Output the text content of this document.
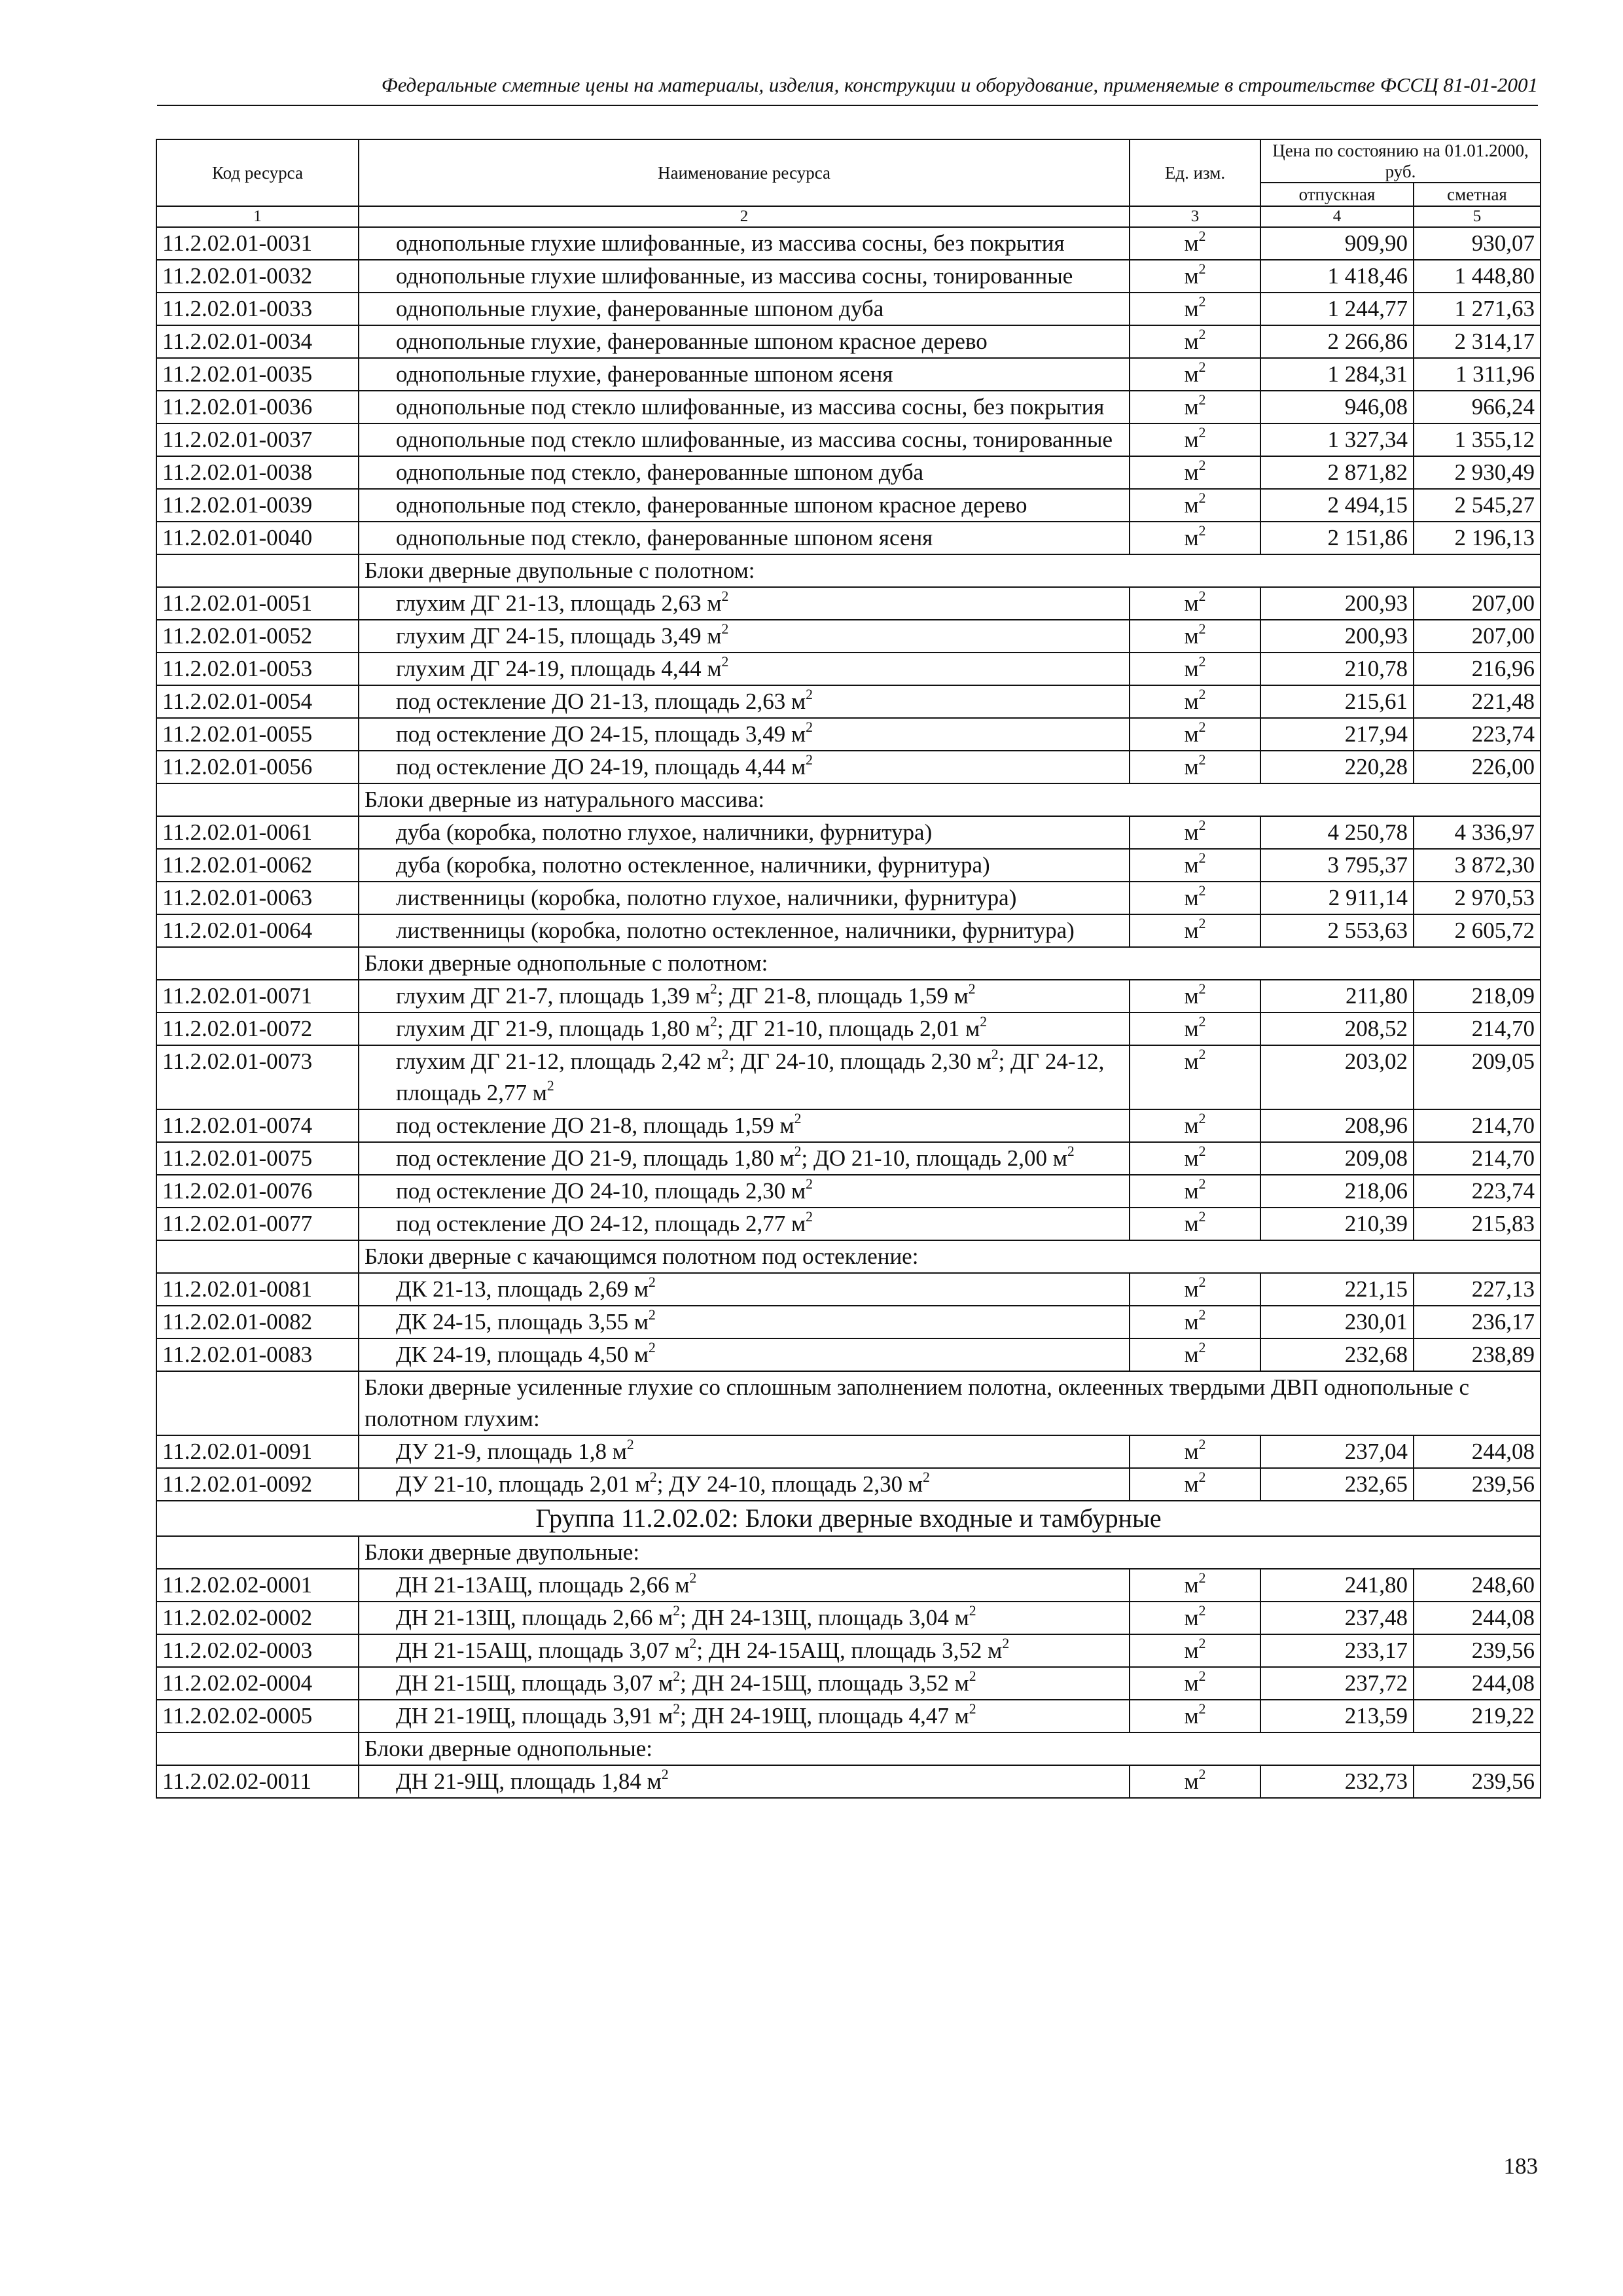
Федеральные сметные цены на материалы, изделия, конструкции и оборудование, применяемые в строительстве ФССЦ 81-01-2001
Код ресурса	Наименование ресурса	Ед. изм.	Цена по состоянию на 01.01.2000, руб.	
			отпускная	сметная
1	2	3	4	5
11.2.02.01-0031	однопольные глухие шлифованные, из массива сосны, без покрытия	$м^2$	909,90	930,07
11.2.02.01-0032	однопольные глухие шлифованные, из массива сосны, тонированные	$м^2$	1 418,46	1 448,80
11.2.02.01-0033	однопольные глухие, фанерованные шпоном дуба	$м^2$	1 244,77	1 271,63
11.2.02.01-0034	однопольные глухие, фанерованные шпоном красное дерево	$м^2$	2 266,86	2 314,17
11.2.02.01-0035	однопольные глухие, фанерованные шпоном ясеня	$м^2$	1 284,31	1 311,96
11.2.02.01-0036	однопольные под стекло шлифованные, из массива сосны, без покрытия	$м^2$	946,08	966,24
11.2.02.01-0037	однопольные под стекло шлифованные, из массива сосны, тонированные	$м^2$	1 327,34	1 355,12
11.2.02.01-0038	однопольные под стекло, фанерованные шпоном дуба	$м^2$	2 871,82	2 930,49
11.2.02.01-0039	однопольные под стекло, фанерованные шпоном красное дерево	$м^2$	2 494,15	2 545,27
11.2.02.01-0040	однопольные под стекло, фанерованные шпоном ясеня	$м^2$	2 151,86	2 196,13
	Блоки дверные двупольные с полотном:			
11.2.02.01-0051	глухим ДГ 21-13, площадь 2,63 $м^2$	$м^2$	200,93	207,00
11.2.02.01-0052	глухим ДГ 24-15, площадь 3,49 $м^2$	$м^2$	200,93	207,00
11.2.02.01-0053	глухим ДГ 24-19, площадь 4,44 $м^2$	$м^2$	210,78	216,96
11.2.02.01-0054	под остекление ДО 21-13, площадь 2,63 $м^2$	$м^2$	215,61	221,48
11.2.02.01-0055	под остекление ДО 24-15, площадь 3,49 $м^2$	$м^2$	217,94	223,74
11.2.02.01-0056	под остекление ДО 24-19, площадь 4,44 $м^2$	$м^2$	220,28	226,00
	Блоки дверные из натурального массива:			
11.2.02.01-0061	дуба (коробка, полотно глухое, наличники, фурнитура)	$м^2$	4 250,78	4 336,97
11.2.02.01-0062	дуба (коробка, полотно остекленное, наличники, фурнитура)	$м^2$	3 795,37	3 872,30
11.2.02.01-0063	лиственницы (коробка, полотно глухое, наличники, фурнитура)	$м^2$	2 911,14	2 970,53
11.2.02.01-0064	лиственницы (коробка, полотно остекленное, наличники, фурнитура)	$м^2$	2 553,63	2 605,72
	Блоки дверные однопольные с полотном:			
11.2.02.01-0071	глухим ДГ 21-7, площадь 1,39 $м^2$; ДГ 21-8, площадь 1,59 $м^2$	$м^2$	211,80	218,09
11.2.02.01-0072	глухим ДГ 21-9, площадь 1,80 $м^2$; ДГ 21-10, площадь 2,01 $м^2$	$м^2$	208,52	214,70
11.2.02.01-0073	глухим ДГ 21-12, площадь 2,42 $м^2$; ДГ 24-10, площадь 2,30 $м^2$; ДГ 24-12, площадь 2,77 $м^2$	$м^2$	203,02	209,05
11.2.02.01-0074	под остекление ДО 21-8, площадь 1,59 $м^2$	$м^2$	208,96	214,70
11.2.02.01-0075	под остекление ДО 21-9, площадь 1,80 $м^2$; ДО 21-10, площадь 2,00 $м^2$	$м^2$	209,08	214,70
11.2.02.01-0076	под остекление ДО 24-10, площадь 2,30 $м^2$	$м^2$	218,06	223,74
11.2.02.01-0077	под остекление ДО 24-12, площадь 2,77 $м^2$	$м^2$	210,39	215,83
	Блоки дверные с качающимся полотном под остекление:			
11.2.02.01-0081	ДК 21-13, площадь 2,69 $м^2$	$м^2$	221,15	227,13
11.2.02.01-0082	ДК 24-15, площадь 3,55 $м^2$	$м^2$	230,01	236,17
11.2.02.01-0083	ДК 24-19, площадь 4,50 $м^2$	$м^2$	232,68	238,89
	Блоки дверные усиленные глухие со сплошным заполнением полотна, оклеенных твердыми ДВП однопольные с полотном глухим:			
11.2.02.01-0091	ДУ 21-9, площадь 1,8 $м^2$	$м^2$	237,04	244,08
11.2.02.01-0092	ДУ 21-10, площадь 2,01 $м^2$; ДУ 24-10, площадь 2,30 $м^2$	$м^2$	232,65	239,56
Группа 11.2.02.02: Блоки дверные входные и тамбурные				
	Блоки дверные двупольные:			
11.2.02.02-0001	ДН 21-13АЩ, площадь 2,66 $м^2$	$м^2$	241,80	248,60
11.2.02.02-0002	ДН 21-13Щ, площадь 2,66 $м^2$; ДН 24-13Щ, площадь 3,04 $м^2$	$м^2$	237,48	244,08
11.2.02.02-0003	ДН 21-15АЩ, площадь 3,07 $м^2$; ДН 24-15АЩ, площадь 3,52 $м^2$	$м^2$	233,17	239,56
11.2.02.02-0004	ДН 21-15Щ, площадь 3,07 $м^2$; ДН 24-15Щ, площадь 3,52 $м^2$	$м^2$	237,72	244,08
11.2.02.02-0005	ДН 21-19Щ, площадь 3,91 $м^2$; ДН 24-19Щ, площадь 4,47 $м^2$	$м^2$	213,59	219,22
	Блоки дверные однопольные:			
11.2.02.02-0011	ДН 21-9Щ, площадь 1,84 $м^2$	$м^2$	232,73	239,56
183
